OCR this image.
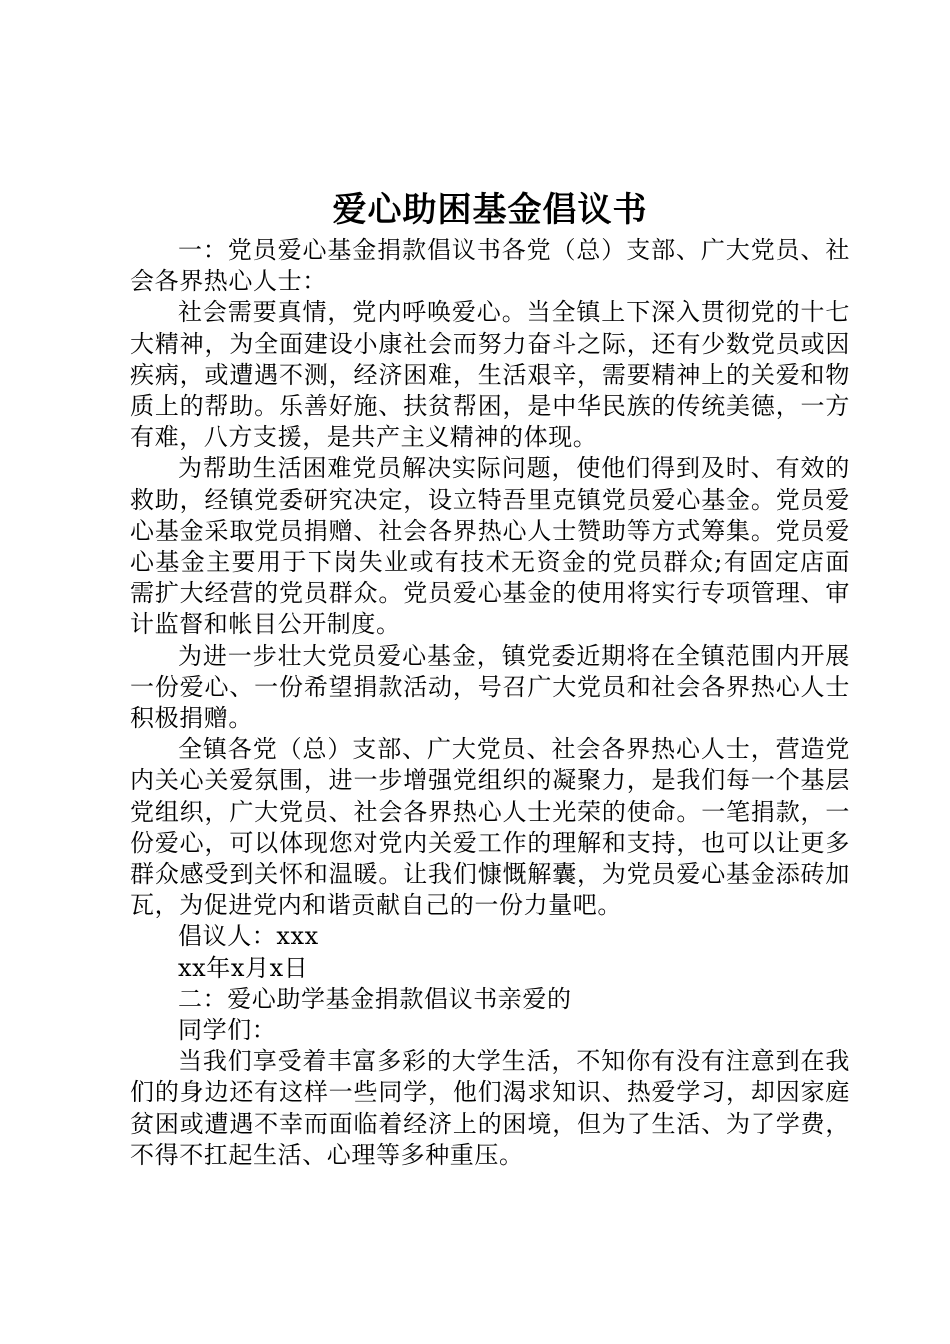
爱心助困基金倡议书

一：党员爱心基金捐款倡议书各党（总）支部、广大党员、社会各界热心人士：

社会需要真情，党内呼唤爱心。当全镇上下深入贯彻党的十七大精神，为全面建设小康社会而努力奋斗之际，还有少数党员或因疾病，或遭遇不测，经济困难，生活艰辛，需要精神上的关爱和物质上的帮助。乐善好施、扶贫帮困，是中华民族的传统美德，一方有难，八方支援，是共产主义精神的体现。

为帮助生活困难党员解决实际问题，使他们得到及时、有效的救助，经镇党委研究决定，设立特吾里克镇党员爱心基金。党员爱心基金采取党员捐赠、社会各界热心人士赞助等方式筹集。党员爱心基金主要用于下岗失业或有技术无资金的党员群众;有固定店面需扩大经营的党员群众。党员爱心基金的使用将实行专项管理、审计监督和帐目公开制度。

为进一步壮大党员爱心基金，镇党委近期将在全镇范围内开展一份爱心、一份希望捐款活动，号召广大党员和社会各界热心人士积极捐赠。

全镇各党（总）支部、广大党员、社会各界热心人士，营造党内关心关爱氛围，进一步增强党组织的凝聚力，是我们每一个基层党组织，广大党员、社会各界热心人士光荣的使命。一笔捐款，一份爱心，可以体现您对党内关爱工作的理解和支持，也可以让更多群众感受到关怀和温暖。让我们慷慨解囊，为党员爱心基金添砖加瓦，为促进党内和谐贡献自己的一份力量吧。

倡议人：xxx

xx年x月x日

二：爱心助学基金捐款倡议书亲爱的

同学们：

当我们享受着丰富多彩的大学生活，不知你有没有注意到在我们的身边还有这样一些同学，他们渴求知识、热爱学习，却因家庭贫困或遭遇不幸而面临着经济上的困境，但为了生活、为了学费，不得不扛起生活、心理等多种重压。
